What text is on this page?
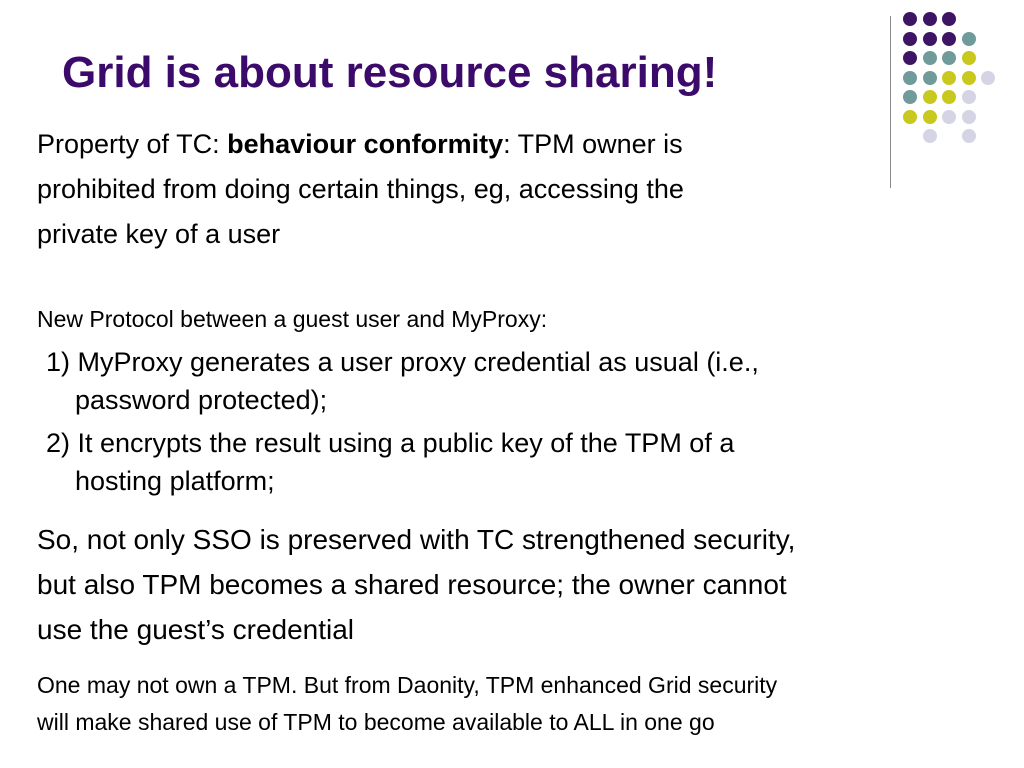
Grid is about resource sharing!

Property of TC: behaviour conformity: TPM owner is
prohibited from doing certain things, eg, accessing the
private key of a user

New Protocol between a guest user and MyProxy:

1) MyProxy generates a user proxy credential as usual (i.e.,
password protected);

2) It encrypts the result using a public key of the TPM of a
hosting platform;

So, not only SSO is preserved with TC strengthened security,
but also TPM becomes a shared resource; the owner cannot
use the guest’s credential

One may not own a TPM. But from Daonity, TPM enhanced Grid security
will make shared use of TPM to become available to ALL in one go
